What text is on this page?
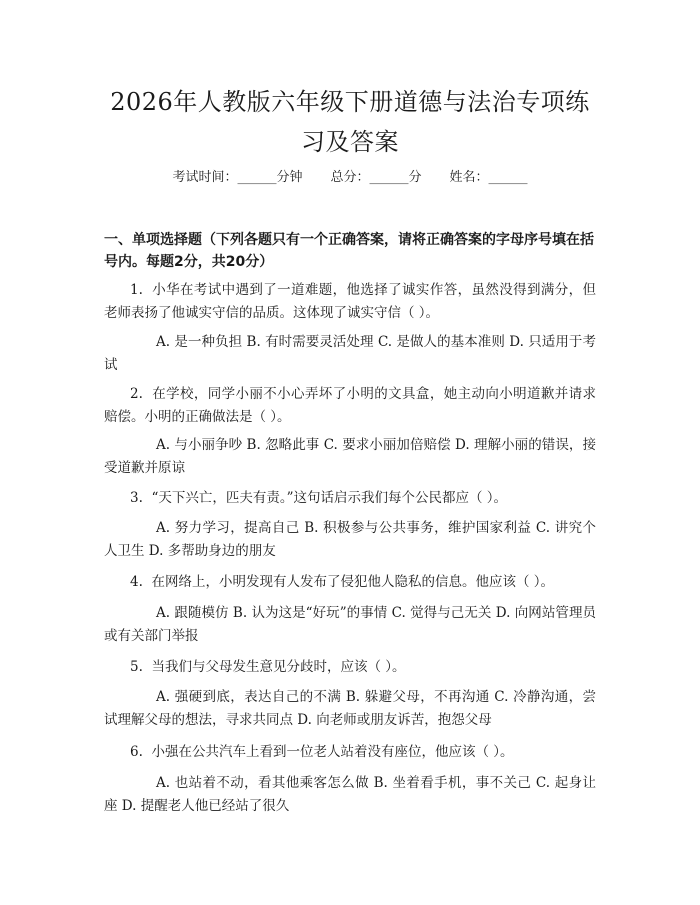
2026年人教版六年级下册道德与法治专项练习及答案
考试时间：______分钟 总分：______分 姓名：______
一、单项选择题（下列各题只有一个正确答案，请将正确答案的字母序号填在括号内。每题2分，共20分）
1.  小华在考试中遇到了一道难题，他选择了诚实作答，虽然没得到满分，但老师表扬了他诚实守信的品质。这体现了诚实守信（ ）。
A. 是一种负担 B. 有时需要灵活处理 C. 是做人的基本准则 D. 只适用于考试
2.  在学校，同学小丽不小心弄坏了小明的文具盒，她主动向小明道歉并请求赔偿。小明的正确做法是（ ）。
A. 与小丽争吵 B. 忽略此事 C. 要求小丽加倍赔偿 D. 理解小丽的错误，接受道歉并原谅
3.  “天下兴亡，匹夫有责。”这句话启示我们每个公民都应（ ）。
A. 努力学习，提高自己 B. 积极参与公共事务，维护国家利益 C. 讲究个人卫生 D. 多帮助身边的朋友
4.  在网络上，小明发现有人发布了侵犯他人隐私的信息。他应该（ ）。
A. 跟随模仿 B. 认为这是“好玩”的事情 C. 觉得与己无关 D. 向网站管理员或有关部门举报
5.  当我们与父母发生意见分歧时，应该（ ）。
A. 强硬到底，表达自己的不满 B. 躲避父母，不再沟通 C. 冷静沟通，尝试理解父母的想法，寻求共同点 D. 向老师或朋友诉苦，抱怨父母
6.  小强在公共汽车上看到一位老人站着没有座位，他应该（ ）。
A. 也站着不动，看其他乘客怎么做 B. 坐着看手机，事不关己 C. 起身让座 D. 提醒老人他已经站了很久
